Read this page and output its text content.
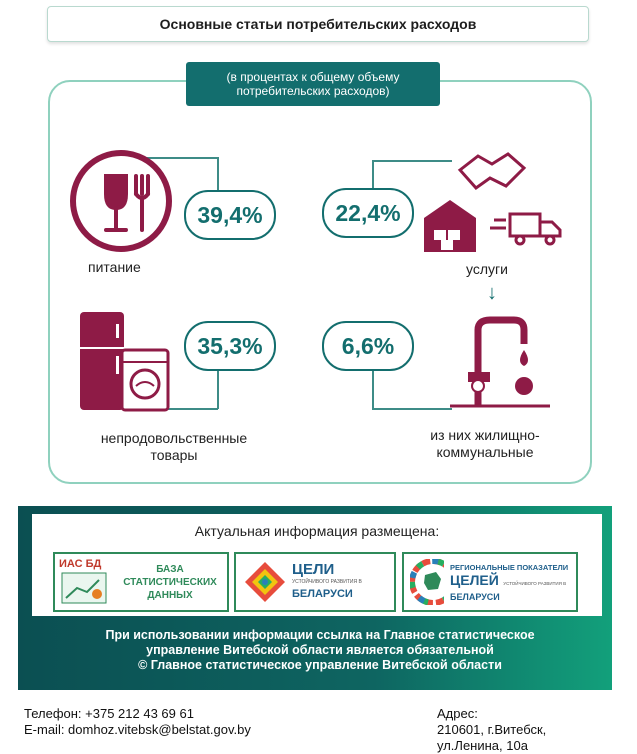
Основные статьи потребительских расходов
(в процентах к общему объему потребительских расходов)
39,4%
питание
22,4%
услуги
↓
35,3%
непродовольственные
товары
6,6%
из них жилищно-
коммунальные
Актуальная информация размещена:
ИАС БД	БАЗА
СТАТИСТИЧЕСКИХ
ДАННЫХ
ЦЕЛИ
УСТОЙЧИВОГО РАЗВИТИЯ В
БЕЛАРУСИ
РЕГИОНАЛЬНЫЕ ПОКАЗАТЕЛИ
ЦЕЛЕЙ УСТОЙЧИВОГО РАЗВИТИЯ В БЕЛАРУСИ
При использовании информации ссылка на Главное статистическое
управление Витебской области является обязательной
© Главное статистическое управление Витебской области
Телефон: +375 212 43 69 61
E-mail: domhoz.vitebsk@belstat.gov.by
Адрес:
210601, г.Витебск,
ул.Ленина, 10а
